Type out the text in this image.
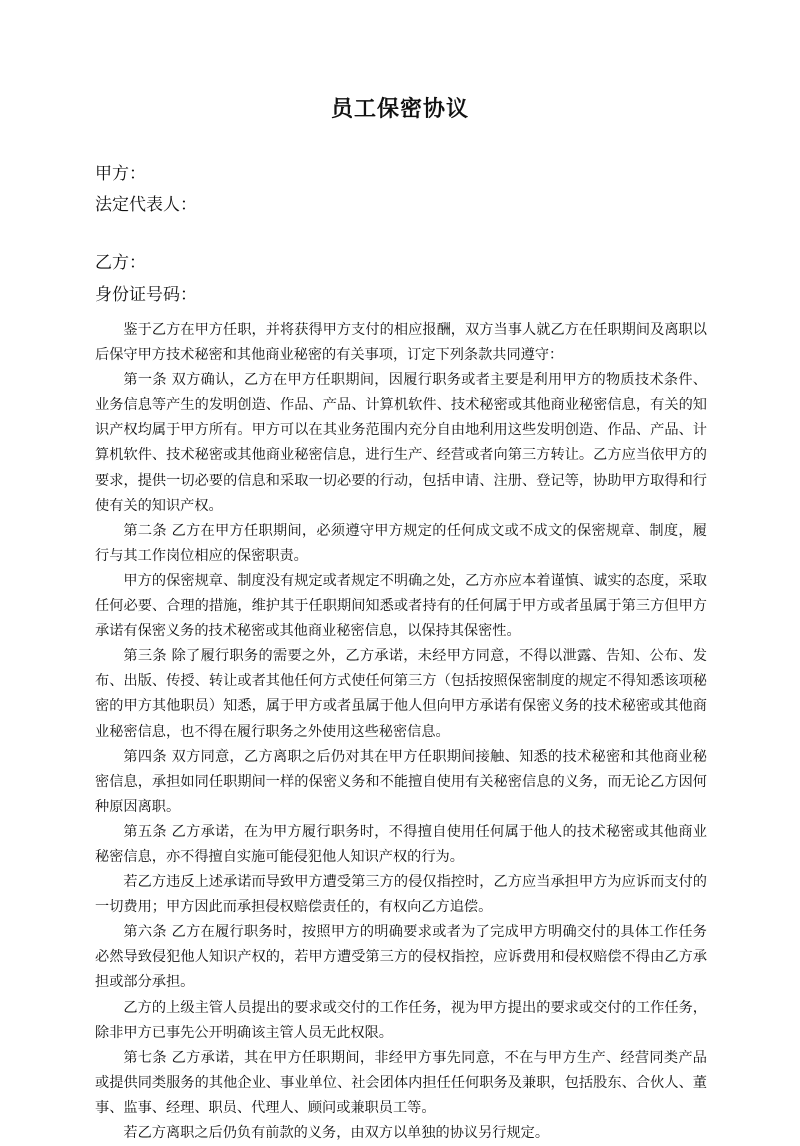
员工保密协议
甲方：
法定代表人：
乙方：
身份证号码：

鉴于乙方在甲方任职，并将获得甲方支付的相应报酬，双方当事人就乙方在任职期间及离职以后保守甲方技术秘密和其他商业秘密的有关事项，订定下列条款共同遵守：

第一条 双方确认，乙方在甲方任职期间，因履行职务或者主要是利用甲方的物质技术条件、业务信息等产生的发明创造、作品、产品、计算机软件、技术秘密或其他商业秘密信息，有关的知识产权均属于甲方所有。甲方可以在其业务范围内充分自由地利用这些发明创造、作品、产品、计算机软件、技术秘密或其他商业秘密信息，进行生产、经营或者向第三方转让。乙方应当依甲方的要求，提供一切必要的信息和采取一切必要的行动，包括申请、注册、登记等，协助甲方取得和行使有关的知识产权。

第二条 乙方在甲方任职期间，必须遵守甲方规定的任何成文或不成文的保密规章、制度，履行与其工作岗位相应的保密职责。

甲方的保密规章、制度没有规定或者规定不明确之处，乙方亦应本着谨慎、诚实的态度，采取任何必要、合理的措施，维护其于任职期间知悉或者持有的任何属于甲方或者虽属于第三方但甲方承诺有保密义务的技术秘密或其他商业秘密信息，以保持其保密性。

第三条 除了履行职务的需要之外，乙方承诺，未经甲方同意，不得以泄露、告知、公布、发布、出版、传授、转让或者其他任何方式使任何第三方（包括按照保密制度的规定不得知悉该项秘密的甲方其他职员）知悉，属于甲方或者虽属于他人但向甲方承诺有保密义务的技术秘密或其他商业秘密信息，也不得在履行职务之外使用这些秘密信息。

第四条 双方同意，乙方离职之后仍对其在甲方任职期间接触、知悉的技术秘密和其他商业秘密信息，承担如同任职期间一样的保密义务和不能擅自使用有关秘密信息的义务，而无论乙方因何种原因离职。

第五条 乙方承诺，在为甲方履行职务时，不得擅自使用任何属于他人的技术秘密或其他商业秘密信息，亦不得擅自实施可能侵犯他人知识产权的行为。

若乙方违反上述承诺而导致甲方遭受第三方的侵仅指控时，乙方应当承担甲方为应诉而支付的一切费用；甲方因此而承担侵权赔偿责任的，有权向乙方追偿。

第六条 乙方在履行职务时，按照甲方的明确要求或者为了完成甲方明确交付的具体工作任务必然导致侵犯他人知识产权的，若甲方遭受第三方的侵权指控，应诉费用和侵权赔偿不得由乙方承担或部分承担。

乙方的上级主管人员提出的要求或交付的工作任务，视为甲方提出的要求或交付的工作任务，除非甲方已事先公开明确该主管人员无此权限。

第七条 乙方承诺，其在甲方任职期间，非经甲方事先同意，不在与甲方生产、经营同类产品或提供同类服务的其他企业、事业单位、社会团体内担任任何职务及兼职，包括股东、合伙人、董事、监事、经理、职员、代理人、顾问或兼职员工等。

若乙方离职之后仍负有前款的义务，由双方以单独的协议另行规定。
